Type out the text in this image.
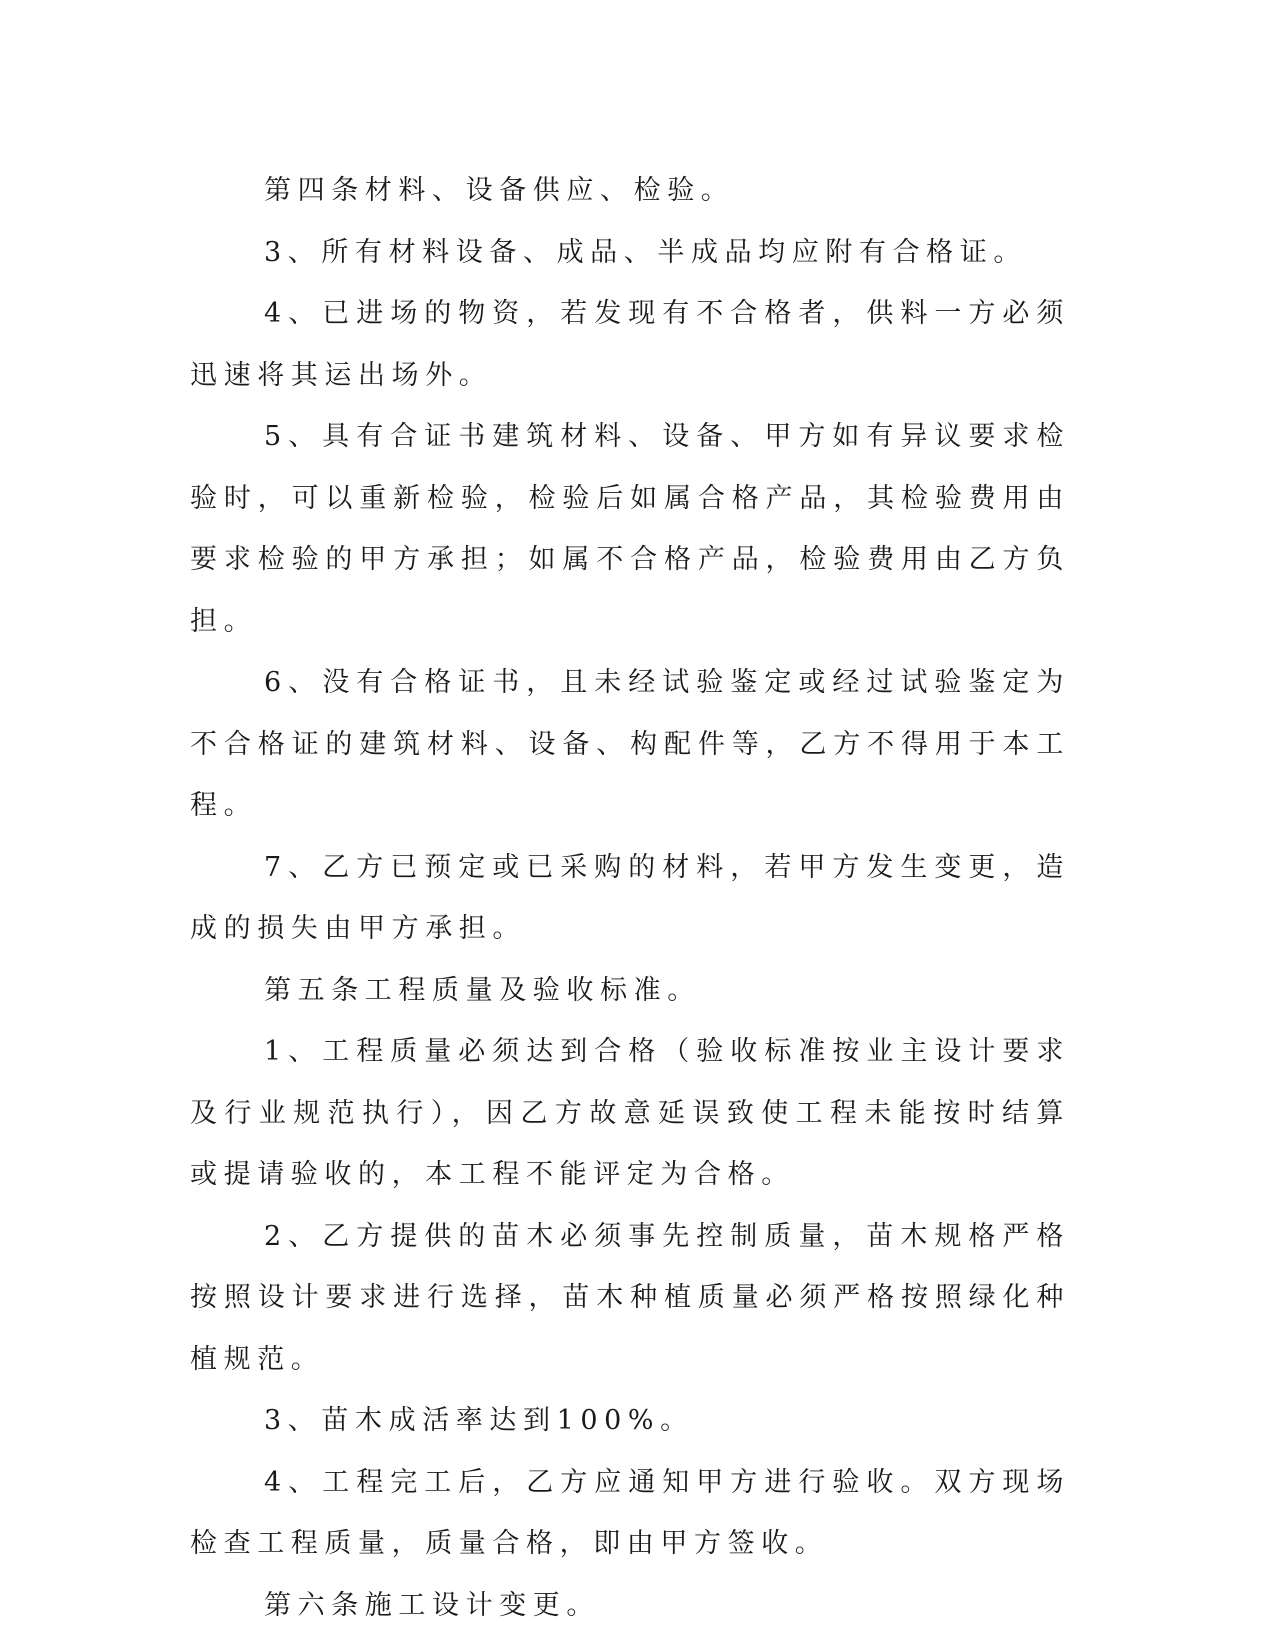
第四条材料、设备供应、检验。

3、所有材料设备、成品、半成品均应附有合格证。

4、已进场的物资，若发现有不合格者，供料一方必须迅速将其运出场外。

5、具有合证书建筑材料、设备、甲方如有异议要求检验时，可以重新检验，检验后如属合格产品，其检验费用由要求检验的甲方承担；如属不合格产品，检验费用由乙方负担。

6、没有合格证书，且未经试验鉴定或经过试验鉴定为不合格证的建筑材料、设备、构配件等，乙方不得用于本工程。

7、乙方已预定或已采购的材料，若甲方发生变更，造成的损失由甲方承担。

第五条工程质量及验收标准。

1、工程质量必须达到合格（验收标准按业主设计要求及行业规范执行），因乙方故意延误致使工程未能按时结算或提请验收的，本工程不能评定为合格。

2、乙方提供的苗木必须事先控制质量，苗木规格严格按照设计要求进行选择，苗木种植质量必须严格按照绿化种植规范。

3、苗木成活率达到100%。

4、工程完工后，乙方应通知甲方进行验收。双方现场检查工程质量，质量合格，即由甲方签收。

第六条施工设计变更。
